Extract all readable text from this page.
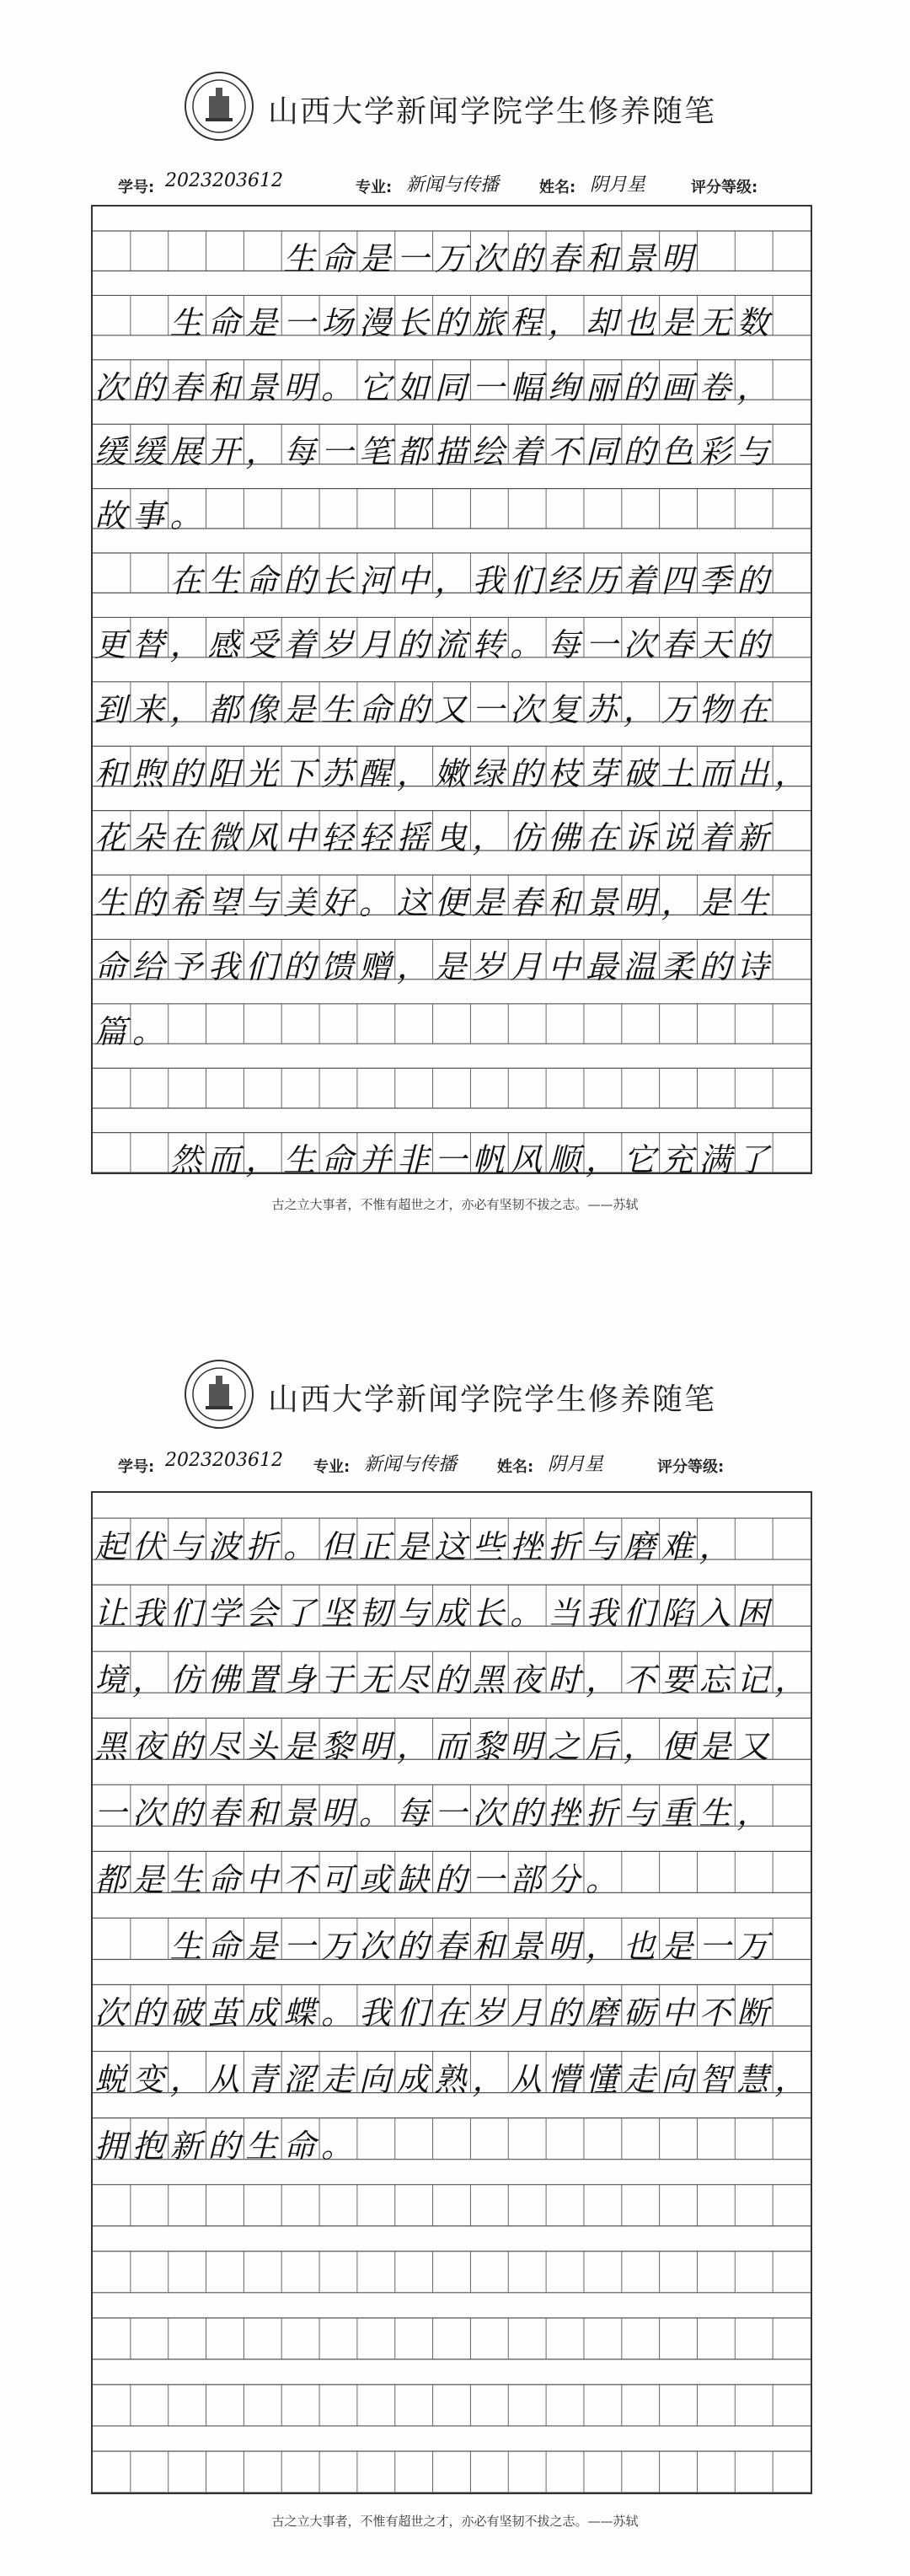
山西大学新闻学院学生修养随笔
学号: 2023203612	专业: 新闻与传播	姓名: 阴月星	评分等级:
生命是一万次的春和景明
生命是一场漫长的旅程，却也是无数
次的春和景明。它如同一幅绚丽的画卷，
缓缓展开，每一笔都描绘着不同的色彩与
故事。
在生命的长河中，我们经历着四季的
更替，感受着岁月的流转。每一次春天的
到来，都像是生命的又一次复苏，万物在
和煦的阳光下苏醒，嫩绿的枝芽破土而出，
花朵在微风中轻轻摇曳，仿佛在诉说着新
生的希望与美好。这便是春和景明，是生
命给予我们的馈赠，是岁月中最温柔的诗
篇。
然而，生命并非一帆风顺，它充满了
古之立大事者，不惟有超世之才，亦必有坚韧不拔之志。——苏轼
山西大学新闻学院学生修养随笔
学号: 2023203612 专业: 新闻与传播	姓名: 阴月星	评分等级:
起伏与波折。但正是这些挫折与磨难，
让我们学会了坚韧与成长。当我们陷入困
境，仿佛置身于无尽的黑夜时，不要忘记，
黑夜的尽头是黎明，而黎明之后，便是又
一次的春和景明。每一次的挫折与重生，
都是生命中不可或缺的一部分。
生命是一万次的春和景明，也是一万
次的破茧成蝶。我们在岁月的磨砺中不断
蜕变，从青涩走向成熟，从懵懂走向智慧，
拥抱新的生命。
古之立大事者，不惟有超世之才，亦必有坚韧不拔之志。——苏轼
